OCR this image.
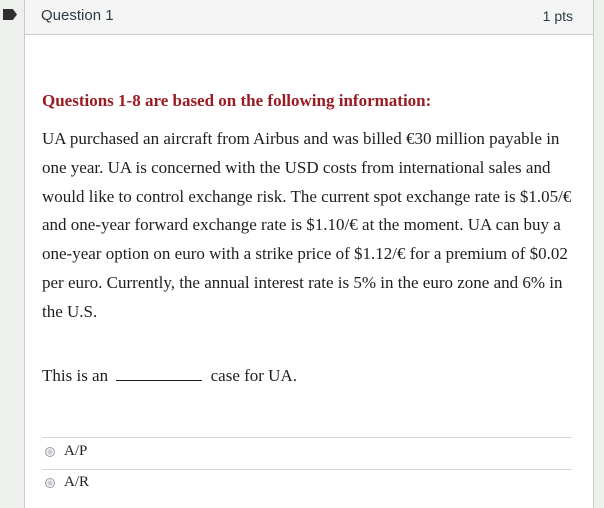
Question 1	1 pts
Questions 1-8 are based on the following information:
UA purchased an aircraft from Airbus and was billed €30 million payable in one year. UA is concerned with the USD costs from international sales and would like to control exchange risk. The current spot exchange rate is $1.05/€ and one-year forward exchange rate is $1.10/€ at the moment. UA can buy a one-year option on euro with a strike price of $1.12/€ for a premium of $0.02 per euro. Currently, the annual interest rate is 5% in the euro zone and 6% in the U.S.
This is an	case for UA.
A/P
A/R
